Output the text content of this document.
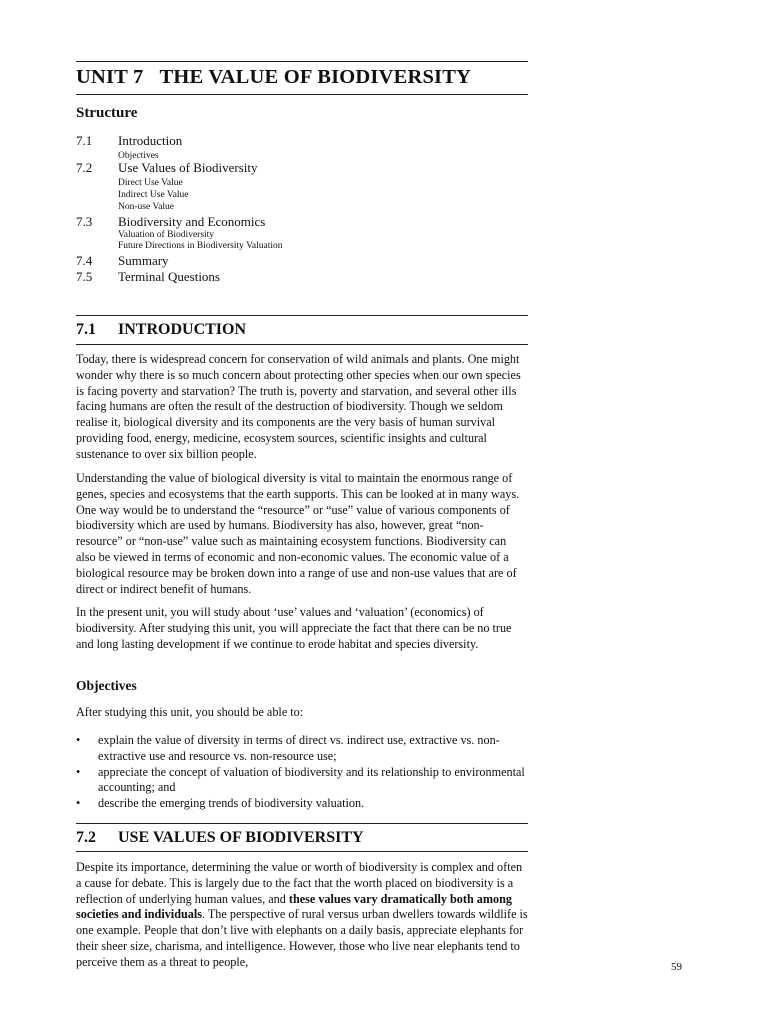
UNIT 7 THE VALUE OF BIODIVERSITY
Structure
7.1 Introduction
Objectives
7.2 Use Values of Biodiversity
Direct Use Value
Indirect Use Value
Non-use Value
7.3 Biodiversity and Economics
Valuation of Biodiversity
Future Directions in Biodiversity Valuation
7.4 Summary
7.5 Terminal Questions
7.1 INTRODUCTION
Today, there is widespread concern for conservation of wild animals and plants. One might wonder why there is so much concern about protecting other species when our own species is facing poverty and starvation? The truth is, poverty and starvation, and several other ills facing humans are often the result of the destruction of biodiversity. Though we seldom realise it, biological diversity and its components are the very basis of human survival providing food, energy, medicine, ecosystem sources, scientific insights and cultural sustenance to over six billion people.
Understanding the value of biological diversity is vital to maintain the enormous range of genes, species and ecosystems that the earth supports. This can be looked at in many ways. One way would be to understand the “resource” or “use” value of various components of biodiversity which are used by humans. Biodiversity has also, however, great “non-resource” or “non-use” value such as maintaining ecosystem functions. Biodiversity can also be viewed in terms of economic and non-economic values. The economic value of a biological resource may be broken down into a range of use and non-use values that are of direct or indirect benefit of humans.
In the present unit, you will study about ‘use’ values and ‘valuation’ (economics) of biodiversity. After studying this unit, you will appreciate the fact that there can be no true and long lasting development if we continue to erode habitat and species diversity.
Objectives
After studying this unit, you should be able to:
• explain the value of diversity in terms of direct vs. indirect use, extractive vs. non-extractive use and resource vs. non-resource use;
• appreciate the concept of valuation of biodiversity and its relationship to environmental accounting; and
• describe the emerging trends of biodiversity valuation.
7.2 USE VALUES OF BIODIVERSITY
Despite its importance, determining the value or worth of biodiversity is complex and often a cause for debate. This is largely due to the fact that the worth placed on biodiversity is a reflection of underlying human values, and these values vary dramatically both among societies and individuals. The perspective of rural versus urban dwellers towards wildlife is one example. People that don’t live with elephants on a daily basis, appreciate elephants for their sheer size, charisma, and intelligence. However, those who live near elephants tend to perceive them as a threat to people,	59
